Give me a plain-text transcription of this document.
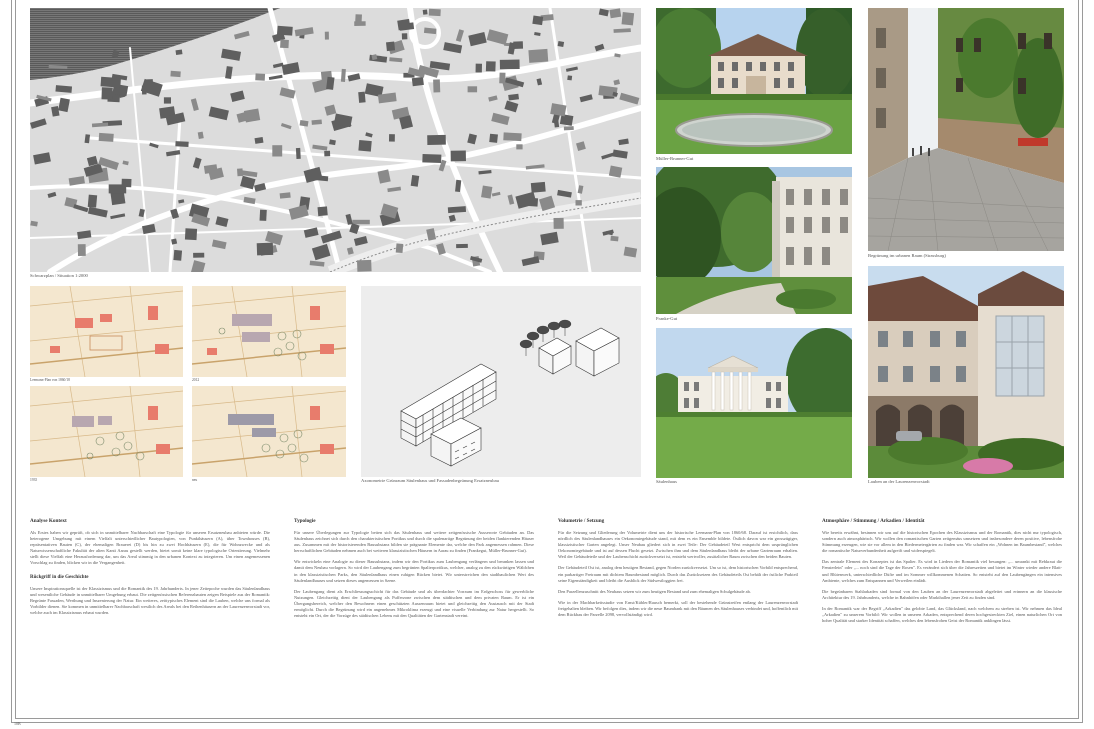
Schwarzplan / Situation 1:2000
Leemann-Plan von 1860/18	2012
1935	neu	Axonometrie Grünraum Säulenhaus und Fassadenbegrünung Ersatzneubau
Müller-Brunner-Gut
Franke-Gut
Säulenhaus
Begrünung im urbanen Raum (Strassburg)
Lauben an der Laurenzenvorstadt
Analyse Kontext

Als Erstes haben wir geprüft, ob sich in unmittelbarer Nachbarschaft eine Typologie für unseren Ersatzneubau anbieten würde. Die heterogene Umgebung mit einem Vielfalt unterschiedlicher Bautypologien, von Punkthäusern (A), über Townhouses (B), repräsentativen Bauten (C), der ehemaligen Brauerei (D) bis hin zu zwei Hochhäusern (E), die für Wohnzwecke und als Naturwissenschaftliche Fakultät der alten Kanti Aarau gestellt werden, bietet somit keine klare typologische Orientierung. Vielmehr stellt diese Vielfalt eine Herausforderung dar, um das Areal stimmig in den urbanen Kontext zu integrieren. Um einen angemessenen Vorschlag zu finden, blicken wir in die Vergangenheit.

Rückgriff in die Geschichte

Unsere Inspirationsquelle ist der Klassizismus und die Romantik des 19. Jahrhunderts. In jener Zeitepoche wurden das Säulenlandhaus und wesentliche Gebäude in unmittelbarer Umgebung erbaut. Die zeitgenössischen Referenzbauten zeigen Beispiele aus der Romantik: Begrünte Fassaden, Werthung und Inszenierung der Natur. Ein weiteres, zeittypisches Element sind die Lauben, welche uns formal als Vorbilder dienen. Sie kommen in unmittelbarer Nachbarschaft westlich des Areals bei den Reihenhäusern an der Laurenzenvorstadt vor, welche auch im Klassizismus erbaut wurden.

Typologie

Für unsere Überlegungen zur Typologie betten sich das Säulenhaus und weitere zeitgenössische Ausserorte Gebäuden an. Das Säulenhaus zeichnet sich durch den charakteristischen Portikus und durch die spalenartige Begrünung der beiden flankierenden Häuser aus. Zusammen mit der historisierenden Bausubstanz bilden sie prägnante Elemente dar, welche den Park angemessen rahmen. Diese herrschaftlichen Gebäuden nehmen auch bei weiteren klassizistischen Häusern in Aarau zu finden (Frankegut, Müller-Brunner-Gut).

Wir entwickeln eine Analogie zu dieser Bausubstanz, indem wir den Portikus zum Laubengang verlängern und beranken lassen und damit dem Neubau vorlagern. So wird der Laubengang zum begrünten Spalierportikus, welcher, analog zu den rückwärtigen Wäldchen in den klassizistischen Parks, den Säulenlandhaus einen ruhigen Rücken bietet. Wir unterstreichen den stadtbaulichen Wert des Säulenlandhauses und setzen dieses angemessen in Szene.

Der Laubengang dient als Erschliessungsschicht für das Gebäude und als überdachter Vorraum im Erdgeschoss für gewerbliche Nutzungen. Gleichzeitig dient der Laubengang als Pufferzone zwischen dem städtischen und dem privaten Raum. Er ist ein Übergangsbereich, welcher den Bewohnern einen geschützten Aussenraum bietet und gleichzeitig den Austausch mit der Stadt ermöglicht. Durch die Begrünung wird ein angenehmes Mikroklima erzeugt und eine visuelle Verbindung zur Natur hergestellt. So entsteht ein Ort, der die Vorzüge des städtischen Lebens mit den Qualitäten der Gartenstadt vereint.

Volumetrie / Setzung

Für die Setzung und Gliederung der Volumetrie dient uns der historische Leemann-Plan von 1860/68. Darauf ist ersichtlich, dass nördlich des Säulenlandhauses ein Oekonomiegebäude stand, mit dem es ein Ensemble bildete. Östlich davon war ein grosszügiger, klassizistischer Garten angelegt. Unser Neubau gliedert sich in zwei Teile: Der Gebäudeteil West entspricht dem ursprünglichen Oekonomiegebäude und ist auf dessen Flucht gesetzt. Zwischen ihm und dem Säulenlandhaus bleibt der urbane Gartenraum erhalten. Weil der Gebäudeteile und der Laubenschicht zurückversetzt ist, entsteht wertvoller, zusätzlicher Raum zwischen den beiden Bauten.

Der Gebäudeteil Ost ist, analog dem heutigen Bestand, gegen Norden zurückversetzt. Um so ist, dem historischen Vorbild entsprechend, ein parkartiger Freiraum mit dichtem Baumbestand möglich. Durch das Zurücksetzen des Gebäudeteils Ost behält der östliche Parkteil seine Eigenständigkeit und bleibt die Ausblick der Südwestloggien frei.

Den Parzellenzuschnitt des Neubaus setzen wir zum heutigen Bestand und zum ehemaligen Schulgebäude ab.

Wie in der Machbarkeitsstudie von Ernst/Kübler/Rausch bemerkt, soll der bestehende Grünstreifen entlang der Laurenzenvorstadt freigehalten bleiben. Wir befolgen dies, indem wir die neue Baumbank mit den Bäumen des Säulenhauses verbindet und, hoffentlich mit dem Rückbau der Parzelle 2098, vervollständigt wird.

Atmosphäre / Stimmung / Arkadien / Identität

Wie bereits erwähnt, besinnen wir uns auf die historischen Epochen des Klassizismus und der Romantik, dies nicht nur typologisch, sondern auch atmosphärisch. Wir wollen den romantischen Garten zeitgemäss umsetzen und insbesondere deren positive, lebensfrohe Stimmung erzeugen, wie sie vor allem in den Biedermeiergärten zu finden war. Wir schaffen ein „Wohnen im Baumbestand", welches die romantische Naturverbundenheit aufgreift und widerspiegelt.

Das zentrale Element des Konzeptes ist das Spalier. Es wird in Liedern der Romantik viel besungen: „... umrankt mit Rebkraut die Fensterlein" oder „... noch sind die Tage der Rosen". Es verändert sich über die Jahreszeiten und bietet im Winter wieder andere Blatt- und Blütenwerk, unterschiedliche Düfte und im Sommer willkommenen Schatten. So entsteht auf den Laubengängen ein intensives Ambiente, welches zum Entspannen und Verweilen einlädt.

Die begrünbaren Stahlarkaden sind formal von den Lauben an der Laurenzenvorstadt abgeleitet und erinnern an die klassische Architektur des 19. Jahrhunderts, welche in Bahnhöfen oder Markthallen jener Zeit zu finden sind.

In der Romantik war der Begriff „Arkadien" das gelobte Land, das Glücksland, nach welchem zu streben ist. Wir nehmen das Ideal „Arkadien" zu unserem Vorbild: Wir wollen in unseren Arkaden, entsprechend deren hochgestreckten Ziel, einen naturlichen Ort von hoher Qualität und starker Identität schaffen, welches den lebensfrohen Geist der Romantik anklingen lässt.

10B
